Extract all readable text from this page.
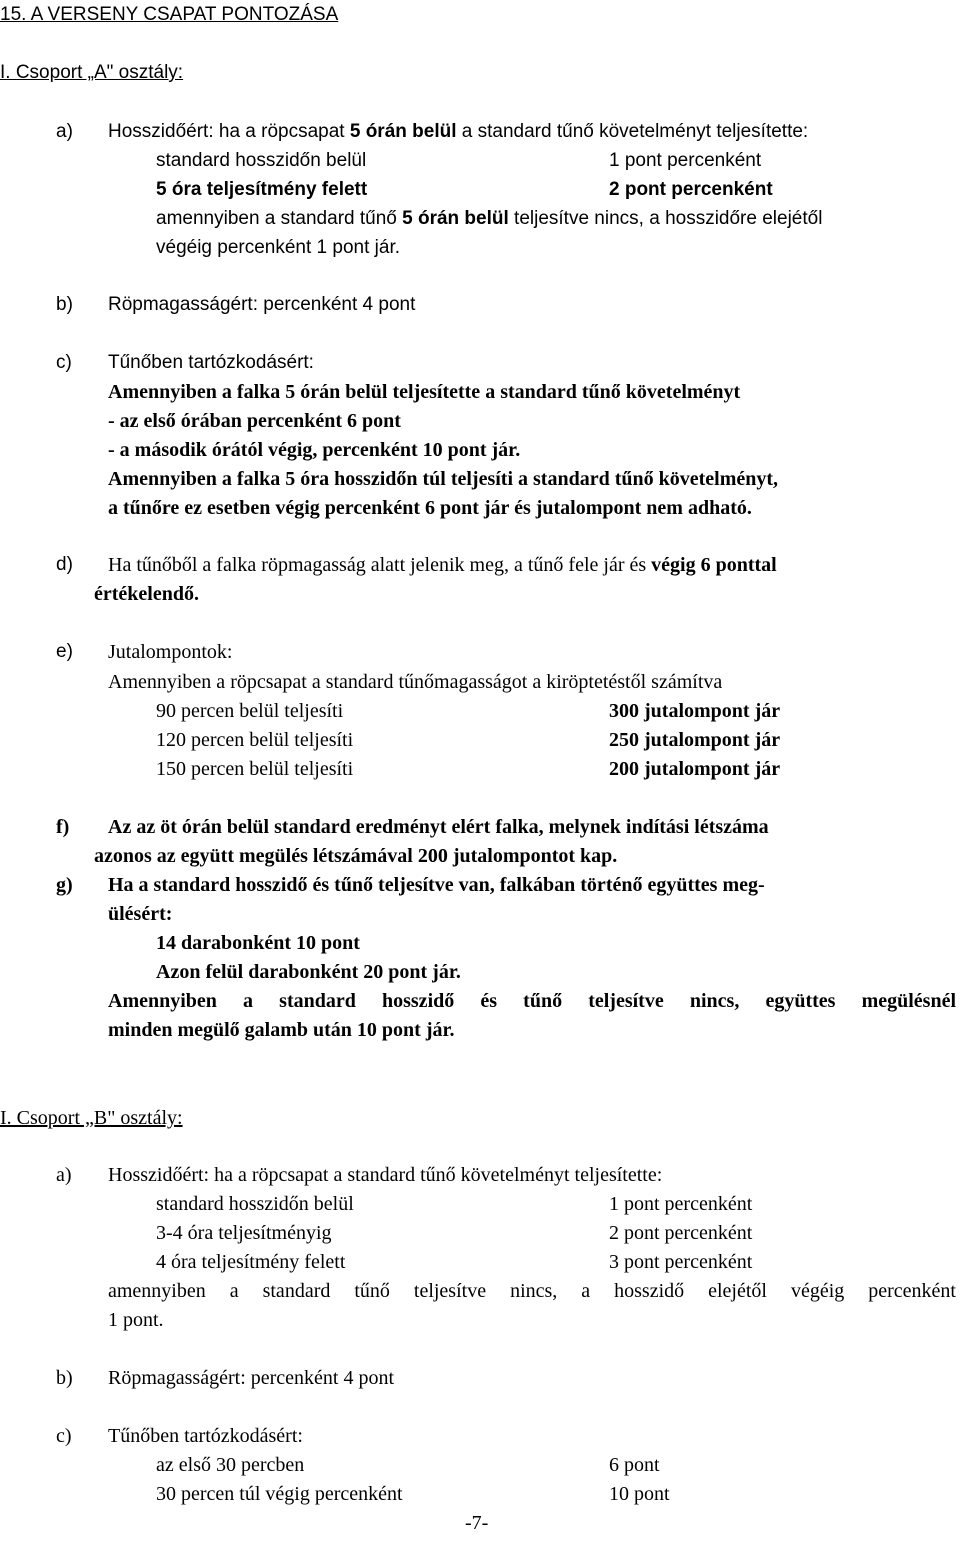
15. A VERSENY CSAPAT PONTOZÁSA
I. Csoport „A" osztály:
a) Hosszidőért: ha a röpcsapat 5 órán belül a standard tűnő követelményt teljesítette:
standard hosszidőn belül	1 pont percenként
5 óra teljesítmény felett	2 pont percenként
amennyiben a standard tűnő 5 órán belül teljesítve nincs, a hosszidőre elejétől
végéig percenként 1 pont jár.
b) Röpmagasságért: percenként 4 pont
c) Tűnőben tartózkodásért:
Amennyiben a falka 5 órán belül teljesítette a standard tűnő követelményt
- az első órában percenként 6 pont
- a második órától végig, percenként 10 pont jár.
Amennyiben a falka 5 óra hosszidőn túl teljesíti a standard tűnő követelményt,
a tűnőre ez esetben végig percenként 6 pont jár és jutalompont nem adható.
d) Ha tűnőből a falka röpmagasság alatt jelenik meg, a tűnő fele jár és végig 6 ponttal
értékelendő.
e) Jutalompontok:
Amennyiben a röpcsapat a standard tűnőmagasságot a kiröptetéstől számítva
90 percen belül teljesíti	300 jutalompont jár
120 percen belül teljesíti	250 jutalompont jár
150 percen belül teljesíti	200 jutalompont jár
f) Az az öt órán belül standard eredményt elért falka, melynek indítási létszáma
azonos az együtt megülés létszámával 200 jutalompontot kap.
g) Ha a standard hosszidő és tűnő teljesítve van, falkában történő együttes meg-
ülésért:
14 darabonként 10 pont
Azon felül darabonként 20 pont jár.
Amennyiben a standard hosszidő és tűnő teljesítve nincs, együttes megülésnél
minden megülő galamb után 10 pont jár.
I. Csoport „B" osztály:
a) Hosszidőért: ha a röpcsapat a standard tűnő követelményt teljesítette:
standard hosszidőn belül	1 pont percenként
3-4 óra teljesítményig	2 pont percenként
4 óra teljesítmény felett	3 pont percenként
amennyiben a standard tűnő teljesítve nincs, a hosszidő elejétől végéig percenként
1 pont.
b) Röpmagasságért: percenként 4 pont
c) Tűnőben tartózkodásért:
az első 30 percben	6 pont
30 percen túl végig percenként	10 pont
-7-
